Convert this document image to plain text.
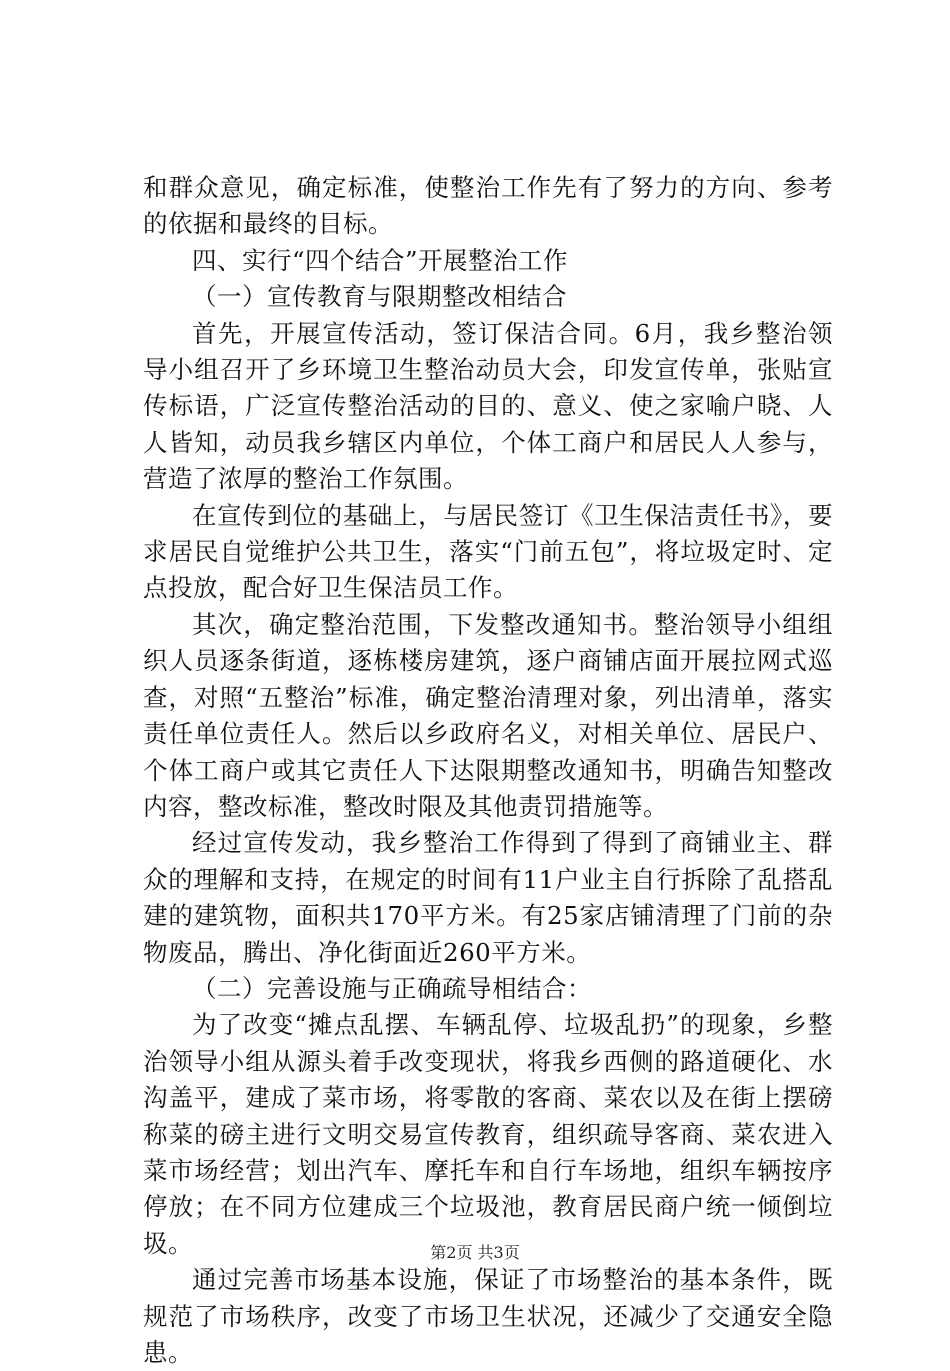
和群众意见，确定标准，使整治工作先有了努力的方向、参考的依据和最终的目标。

四、实行“四个结合”开展整治工作

（一）宣传教育与限期整改相结合

首先，开展宣传活动，签订保洁合同。6月，我乡整治领导小组召开了乡环境卫生整治动员大会，印发宣传单，张贴宣传标语，广泛宣传整治活动的目的、意义、使之家喻户晓、人人皆知，动员我乡辖区内单位，个体工商户和居民人人参与，营造了浓厚的整治工作氛围。

在宣传到位的基础上，与居民签订《卫生保洁责任书》，要求居民自觉维护公共卫生，落实“门前五包”，将垃圾定时、定点投放，配合好卫生保洁员工作。

其次，确定整治范围，下发整改通知书。整治领导小组组织人员逐条街道，逐栋楼房建筑，逐户商铺店面开展拉网式巡查，对照“五整治”标准，确定整治清理对象，列出清单，落实责任单位责任人。然后以乡政府名义，对相关单位、居民户、个体工商户或其它责任人下达限期整改通知书，明确告知整改内容，整改标准，整改时限及其他责罚措施等。

经过宣传发动，我乡整治工作得到了得到了商铺业主、群众的理解和支持，在规定的时间有11户业主自行拆除了乱搭乱建的建筑物，面积共170平方米。有25家店铺清理了门前的杂物废品，腾出、净化街面近260平方米。

（二）完善设施与正确疏导相结合：

为了改变“摊点乱摆、车辆乱停、垃圾乱扔”的现象，乡整治领导小组从源头着手改变现状，将我乡西侧的路道硬化、水沟盖平，建成了菜市场，将零散的客商、菜农以及在街上摆磅称菜的磅主进行文明交易宣传教育，组织疏导客商、菜农进入菜市场经营；划出汽车、摩托车和自行车场地，组织车辆按序停放；在不同方位建成三个垃圾池，教育居民商户统一倾倒垃圾。

通过完善市场基本设施，保证了市场整治的基本条件，既规范了市场秩序，改变了市场卫生状况，还减少了交通安全隐患。

第2页 共3页
